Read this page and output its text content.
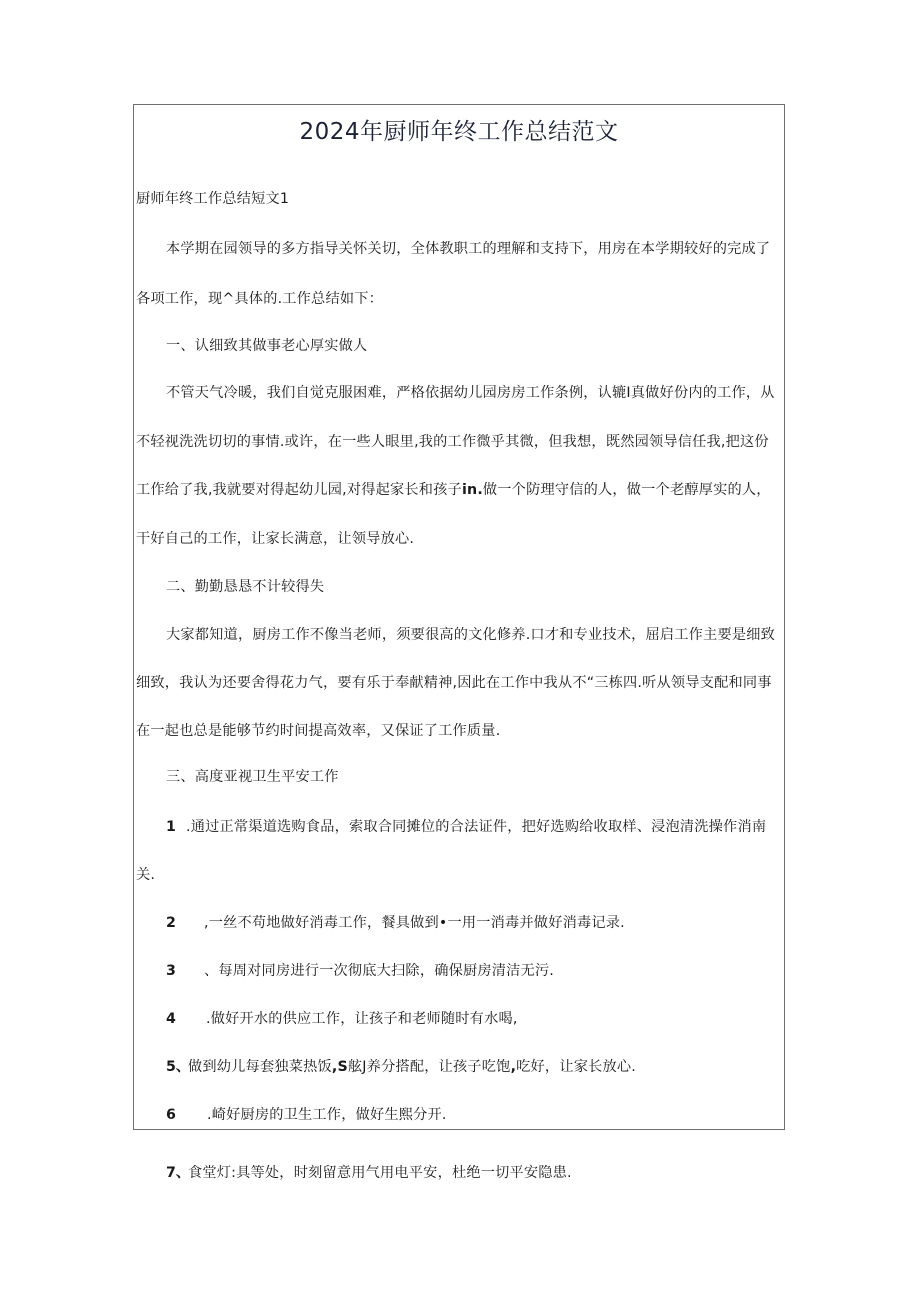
2024年厨师年终工作总结范文
厨师年终工作总结短文1
本学期在园领导的多方指导关怀关切，全体教职工的理解和支持下，用房在本学期较好的完成了
各项工作，现^具体的.工作总结如下：
一、认细致其做事老心厚实做人
不管天气冷暖，我们自觉克服困难，严格依据幼儿园房房工作条例，认辘I真做好份内的工作，从
不轻视洗洗切切的事情.或许，在一些人眼里,我的工作微乎其微，但我想，既然园领导信任我,把这份
工作给了我,我就要对得起幼儿园,对得起家长和孩子in.做一个防理守信的人，做一个老醇厚实的人，
干好自己的工作，让家长满意，让领导放心.
二、勤勤恳恳不计较得失
大家都知道，厨房工作不像当老师，须要很高的文化修养.口才和专业技术，屈启工作主要是细致
细致，我认为还要舍得花力气，要有乐于奉献精神,因此在工作中我从不“三栋四.听从领导支配和同事
在一起也总是能够节约时间提高效率，又保证了工作质量.
三、高度亚视卫生平安工作
1 .通过正常渠道选购食品，索取合同摊位的合法证件，把好选购给收取样、浸泡清洗操作消南
关.
2 ,一丝不苟地做好消毒工作，餐具做到•一用一消毒并做好消毒记录.
3 、每周对同房进行一次彻底大扫除，确保厨房清洁无污.
4 .做好开水的供应工作，让孩子和老师随时有水喝,
5、
做到幼儿每套独菜热饭,S舷J养分搭配，让孩子吃饱,吃好，让家长放心.
6 .崎好厨房的卫生工作，做好生熙分开.
7、
食堂灯:具等处，时刻留意用气用电平安，杜绝一切平安隐患.
